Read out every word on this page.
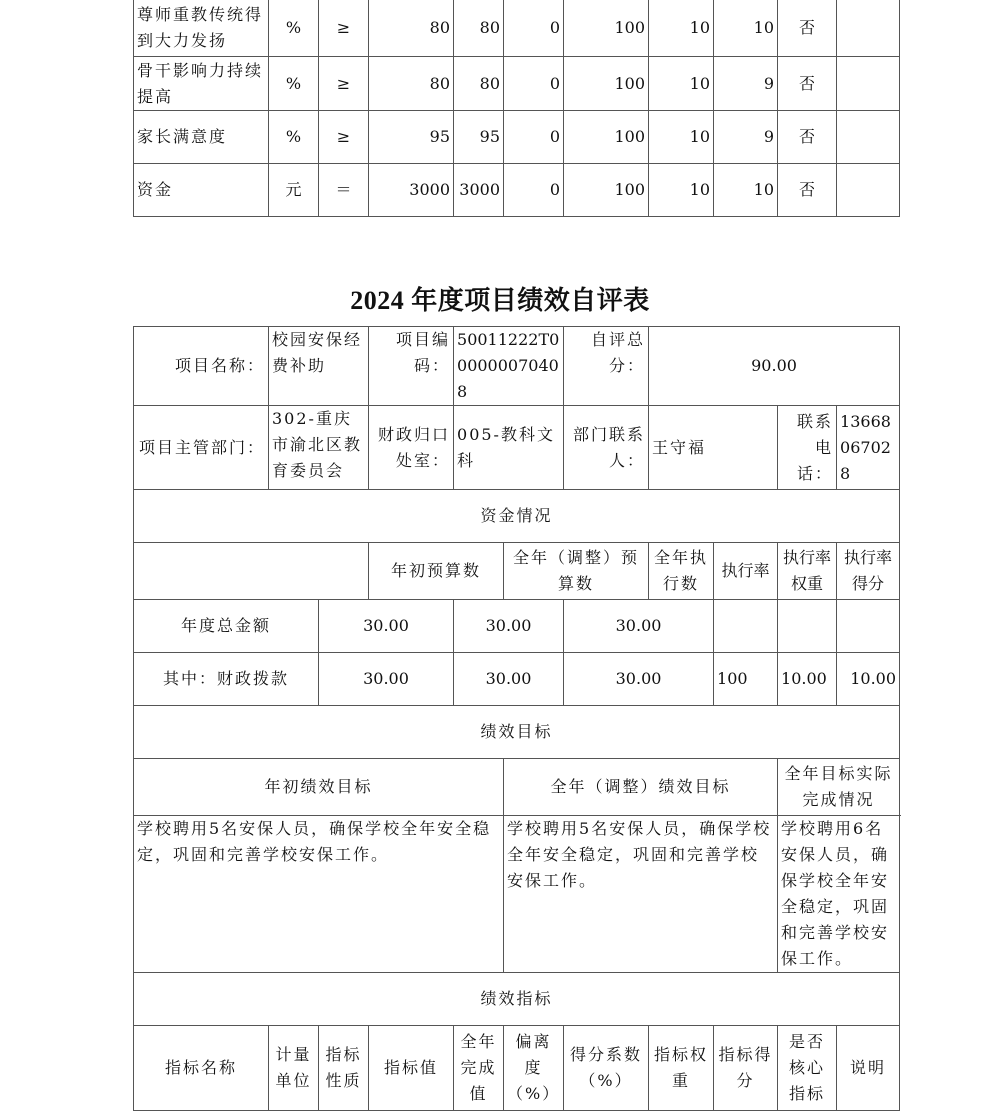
尊师重教传统得到大力发扬	%	≥	80	80	0	100	10	10	否	
骨干影响力持续提高	%	≥	80	80	0	100	10	9	否	
家长满意度	%	≥	95	95	0	100	10	9	否	
资金	元	＝	3000	3000	0	100	10	10	否	
2024 年度项目绩效自评表
项目名称：	校园安保经费补助		项目编码：	50011222T000000070408		自评总分：	90.00			
项目主管部门：	302-重庆市渝北区教育委员会		财政归口处室：	005-教科文科		部门联系人：	王守福		联系电话：	13668067028
资金情况										
			年初预算数		全年（调整）预算数		全年执行数	执行率	执行率权重	执行率得分
年度总金额		30.00		30.00		30.00				
其中：财政拨款		30.00		30.00		30.00		100	10.00	10.00
绩效目标										
年初绩效目标					全年（调整）绩效目标				全年目标实际完成情况	
学校聘用5名安保人员，确保学校全年安全稳定，巩固和完善学校安保工作。					学校聘用5名安保人员，确保学校全年安全稳定，巩固和完善学校安保工作。				学校聘用6名安保人员，确保学校全年安全稳定，巩固和完善学校安保工作。	
绩效指标										
指标名称	计量单位	指标性质	指标值	全年完成值	偏离度（%）	得分系数（%）	指标权重	指标得分	是否核心指标	说明
